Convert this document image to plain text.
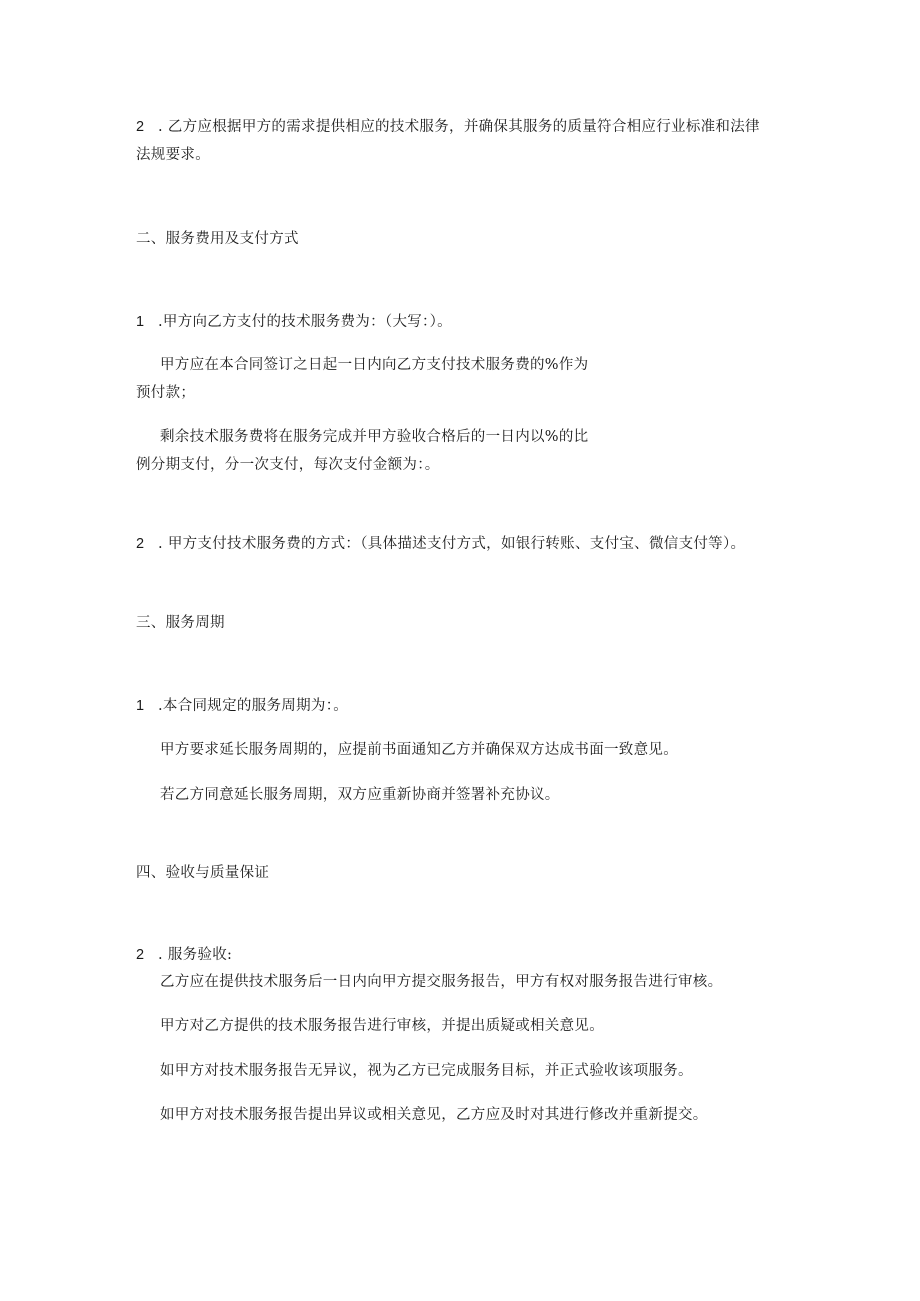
2 . 乙方应根据甲方的需求提供相应的技术服务，并确保其服务的质量符合相应行业标准和法律
法规要求。
二、服务费用及支付方式
1 .甲方向乙方支付的技术服务费为：（大写：）。
甲方应在本合同签订之日起一日内向乙方支付技术服务费的%作为
预付款；
剩余技术服务费将在服务完成并甲方验收合格后的一日内以%的比
例分期支付，分一次支付，每次支付金额为：。
2 . 甲方支付技术服务费的方式：（具体描述支付方式，如银行转账、支付宝、微信支付等）。
三、服务周期
1 .本合同规定的服务周期为：。
甲方要求延长服务周期的，应提前书面通知乙方并确保双方达成书面一致意见。
若乙方同意延长服务周期，双方应重新协商并签署补充协议。
四、验收与质量保证
2 . 服务验收:
乙方应在提供技术服务后一日内向甲方提交服务报告，甲方有权对服务报告进行审核。
甲方对乙方提供的技术服务报告进行审核，并提出质疑或相关意见。
如甲方对技术服务报告无异议，视为乙方已完成服务目标，并正式验收该项服务。
如甲方对技术服务报告提出异议或相关意见，乙方应及时对其进行修改并重新提交。
